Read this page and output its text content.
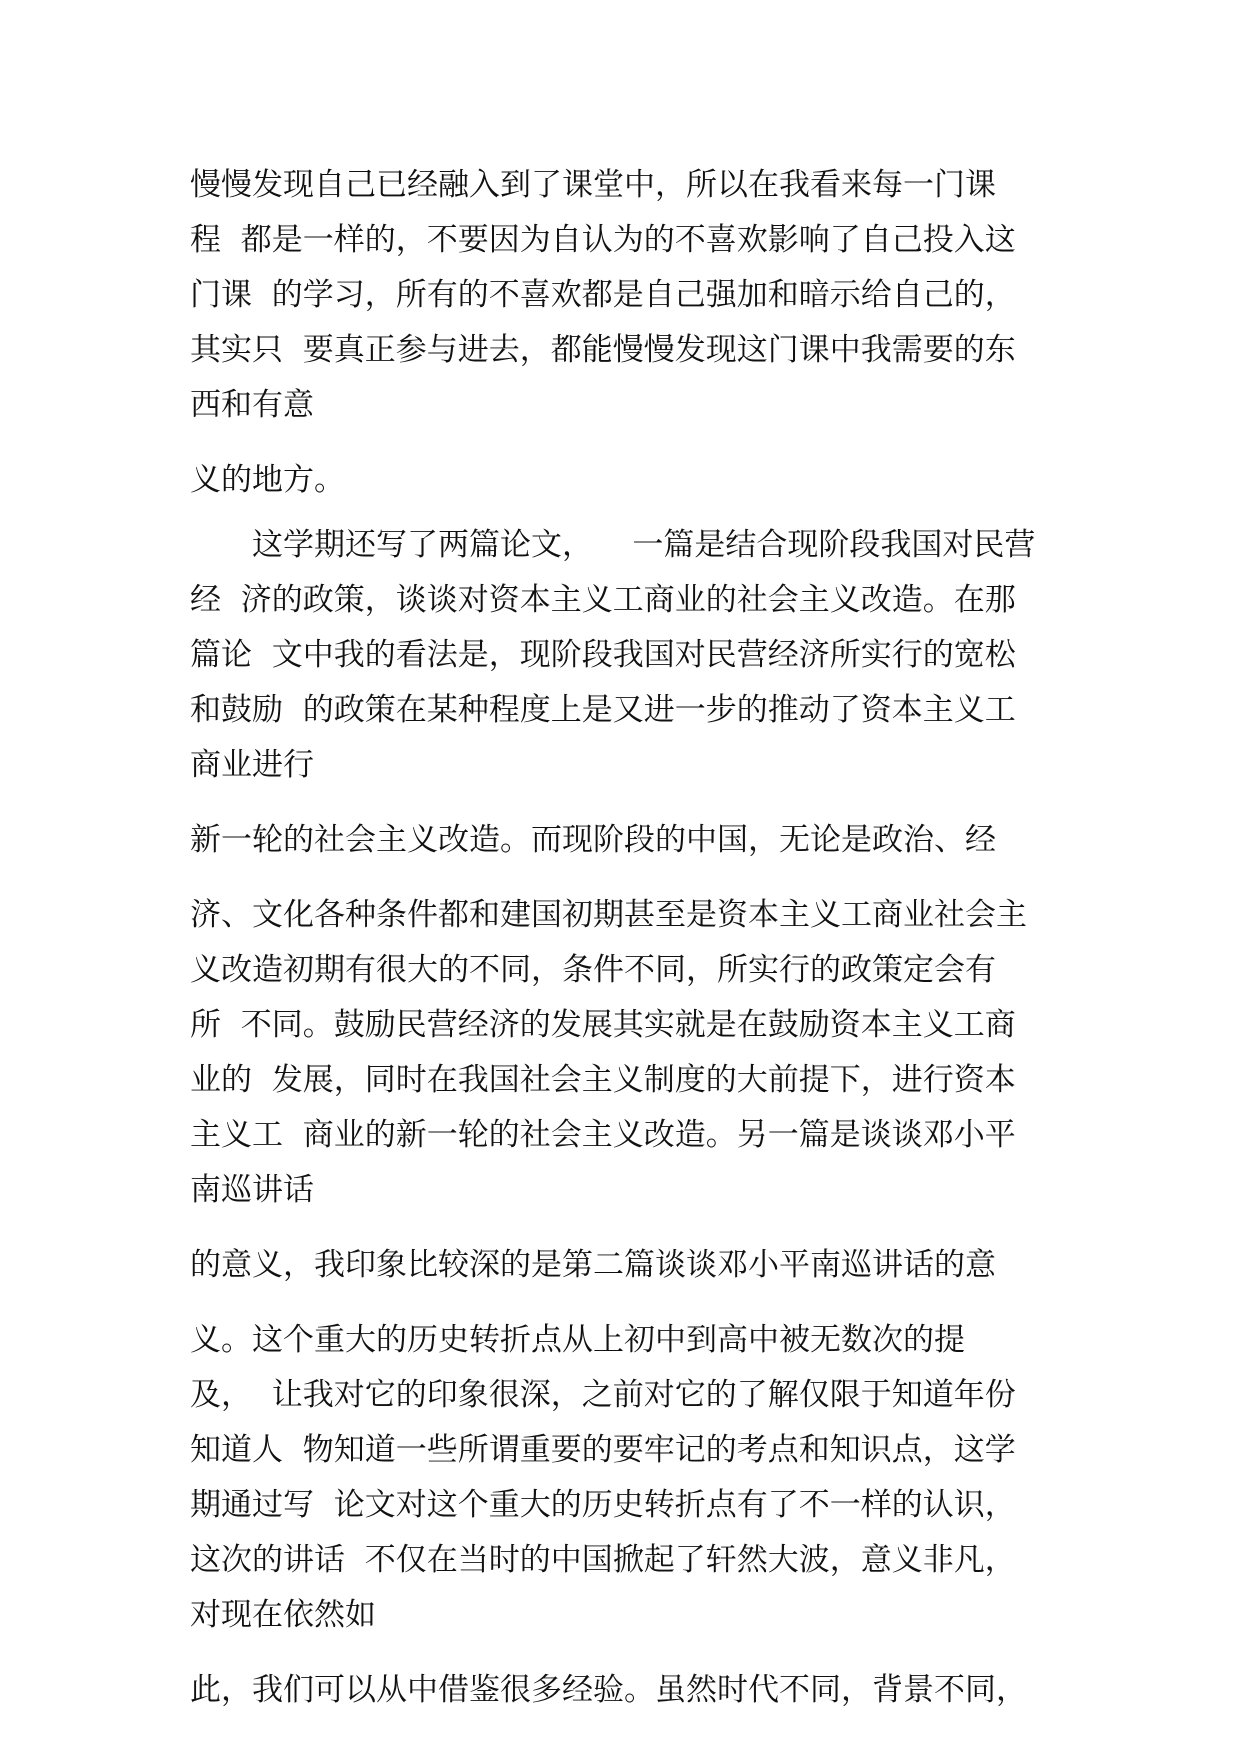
慢慢发现自己已经融入到了课堂中，所以在我看来每一门课
程  都是一样的，不要因为自认为的不喜欢影响了自己投入这
门课  的学习，所有的不喜欢都是自己强加和暗示给自己的，
其实只  要真正参与进去，都能慢慢发现这门课中我需要的东
西和有意
义的地方。
这学期还写了两篇论文，    一篇是结合现阶段我国对民营
经  济的政策，谈谈对资本主义工商业的社会主义改造。在那
篇论  文中我的看法是，现阶段我国对民营经济所实行的宽松
和鼓励  的政策在某种程度上是又进一步的推动了资本主义工
商业进行
新一轮的社会主义改造。而现阶段的中国，无论是政治、经
济、文化各种条件都和建国初期甚至是资本主义工商业社会主
义改造初期有很大的不同，条件不同，所实行的政策定会有
所  不同。鼓励民营经济的发展其实就是在鼓励资本主义工商
业的  发展，同时在我国社会主义制度的大前提下，进行资本
主义工  商业的新一轮的社会主义改造。另一篇是谈谈邓小平
南巡讲话
的意义，我印象比较深的是第二篇谈谈邓小平南巡讲话的意
义。这个重大的历史转折点从上初中到高中被无数次的提
及，  让我对它的印象很深，之前对它的了解仅限于知道年份
知道人  物知道一些所谓重要的要牢记的考点和知识点，这学
期通过写  论文对这个重大的历史转折点有了不一样的认识，
这次的讲话  不仅在当时的中国掀起了轩然大波，意义非凡，
对现在依然如
此，我们可以从中借鉴很多经验。虽然时代不同，背景不同，
